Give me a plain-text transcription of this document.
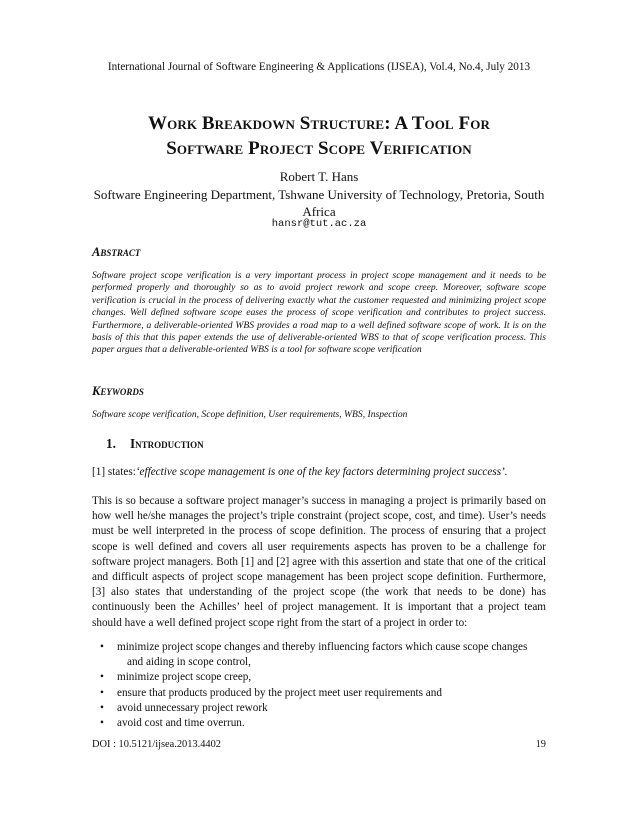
International Journal of Software Engineering & Applications (IJSEA), Vol.4, No.4, July 2013
Work Breakdown Structure: A Tool For
Software Project Scope Verification
Robert T. Hans
Software Engineering Department, Tshwane University of Technology, Pretoria, South Africa
hansr@tut.ac.za
Abstract
Software project scope verification is a very important process in project scope management and it needs to be performed properly and thoroughly so as to avoid project rework and scope creep. Moreover, software scope verification is crucial in the process of delivering exactly what the customer requested and minimizing project scope changes. Well defined software scope eases the process of scope verification and contributes to project success. Furthermore, a deliverable-oriented WBS provides a road map to a well defined software scope of work. It is on the basis of this that this paper extends the use of deliverable-oriented WBS to that of scope verification process. This paper argues that a deliverable-oriented WBS is a tool for software scope verification
Keywords
Software scope verification, Scope definition, User requirements, WBS, Inspection
1. Introduction
[1] states:‘effective scope management is one of the key factors determining project success’.
This is so because a software project manager’s success in managing a project is primarily based on how well he/she manages the project’s triple constraint (project scope, cost, and time). User’s needs must be well interpreted in the process of scope definition. The process of ensuring that a project scope is well defined and covers all user requirements aspects has proven to be a challenge for software project managers. Both [1] and [2] agree with this assertion and state that one of the critical and difficult aspects of project scope management has been project scope definition. Furthermore, [3] also states that understanding of the project scope (the work that needs to be done) has continuously been the Achilles’ heel of project management. It is important that a project team should have a well defined project scope right from the start of a project in order to:
• minimize project scope changes and thereby influencing factors which cause scope changes
and aiding in scope control,
• minimize project scope creep,
• ensure that products produced by the project meet user requirements and
• avoid unnecessary project rework
• avoid cost and time overrun.
DOI : 10.5121/ijsea.2013.4402	19
